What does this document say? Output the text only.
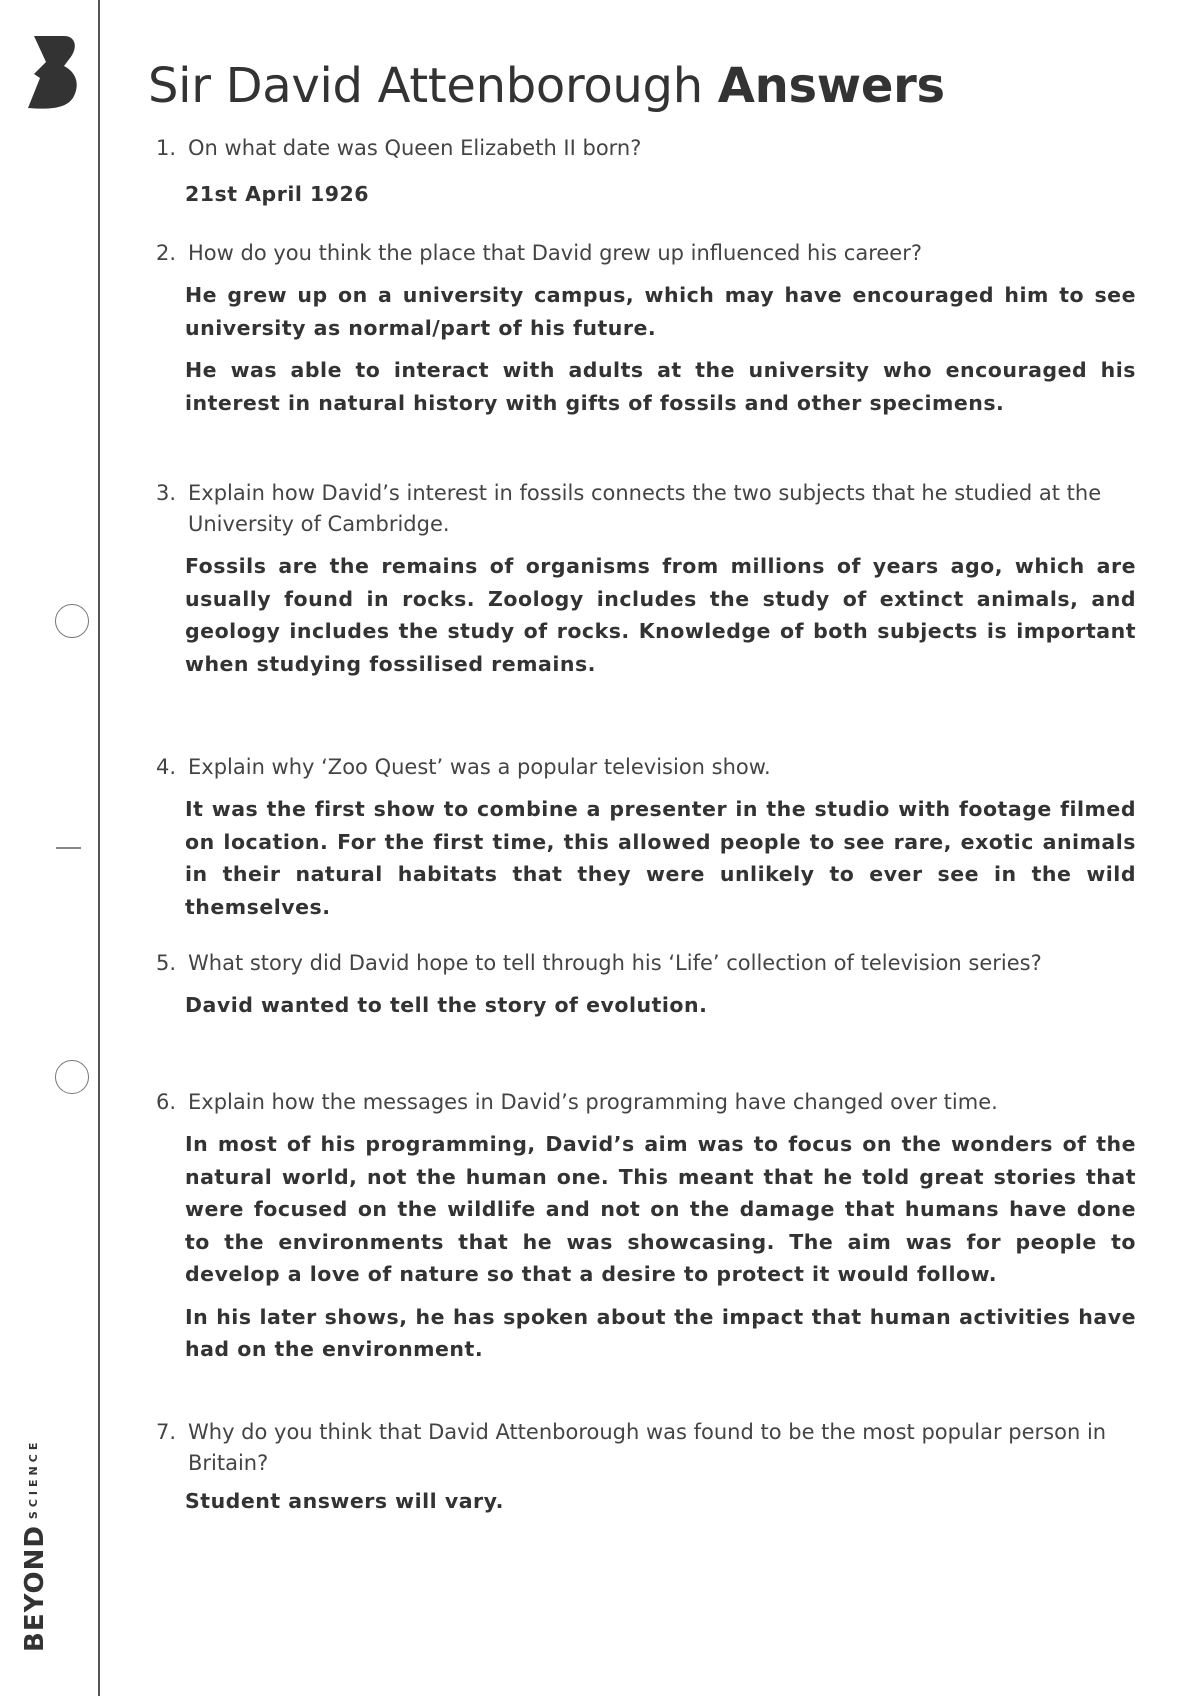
$BEYOND^{SCIENCE}$
Sir David Attenborough Answers

1. On what date was Queen Elizabeth II born?

21st April 1926

2. How do you think the place that David grew up influenced his career?

He grew up on a university campus, which may have encouraged him to see university as normal/part of his future.

He was able to interact with adults at the university who encouraged his interest in natural history with gifts of fossils and other specimens.

3. Explain how David’s interest in fossils connects the two subjects that he studied at the University of Cambridge.

Fossils are the remains of organisms from millions of years ago, which are usually found in rocks. Zoology includes the study of extinct animals, and geology includes the study of rocks. Knowledge of both subjects is important when studying fossilised remains.

4. Explain why ‘Zoo Quest’ was a popular television show.

It was the first show to combine a presenter in the studio with footage filmed on location. For the first time, this allowed people to see rare, exotic animals in their natural habitats that they were unlikely to ever see in the wild themselves.

5. What story did David hope to tell through his ‘Life’ collection of television series?

David wanted to tell the story of evolution.

6. Explain how the messages in David’s programming have changed over time.

In most of his programming, David’s aim was to focus on the wonders of the natural world, not the human one. This meant that he told great stories that were focused on the wildlife and not on the damage that humans have done to the environments that he was showcasing. The aim was for people to develop a love of nature so that a desire to protect it would follow.

In his later shows, he has spoken about the impact that human activities have had on the environment.

7. Why do you think that David Attenborough was found to be the most popular person in Britain?

Student answers will vary.
